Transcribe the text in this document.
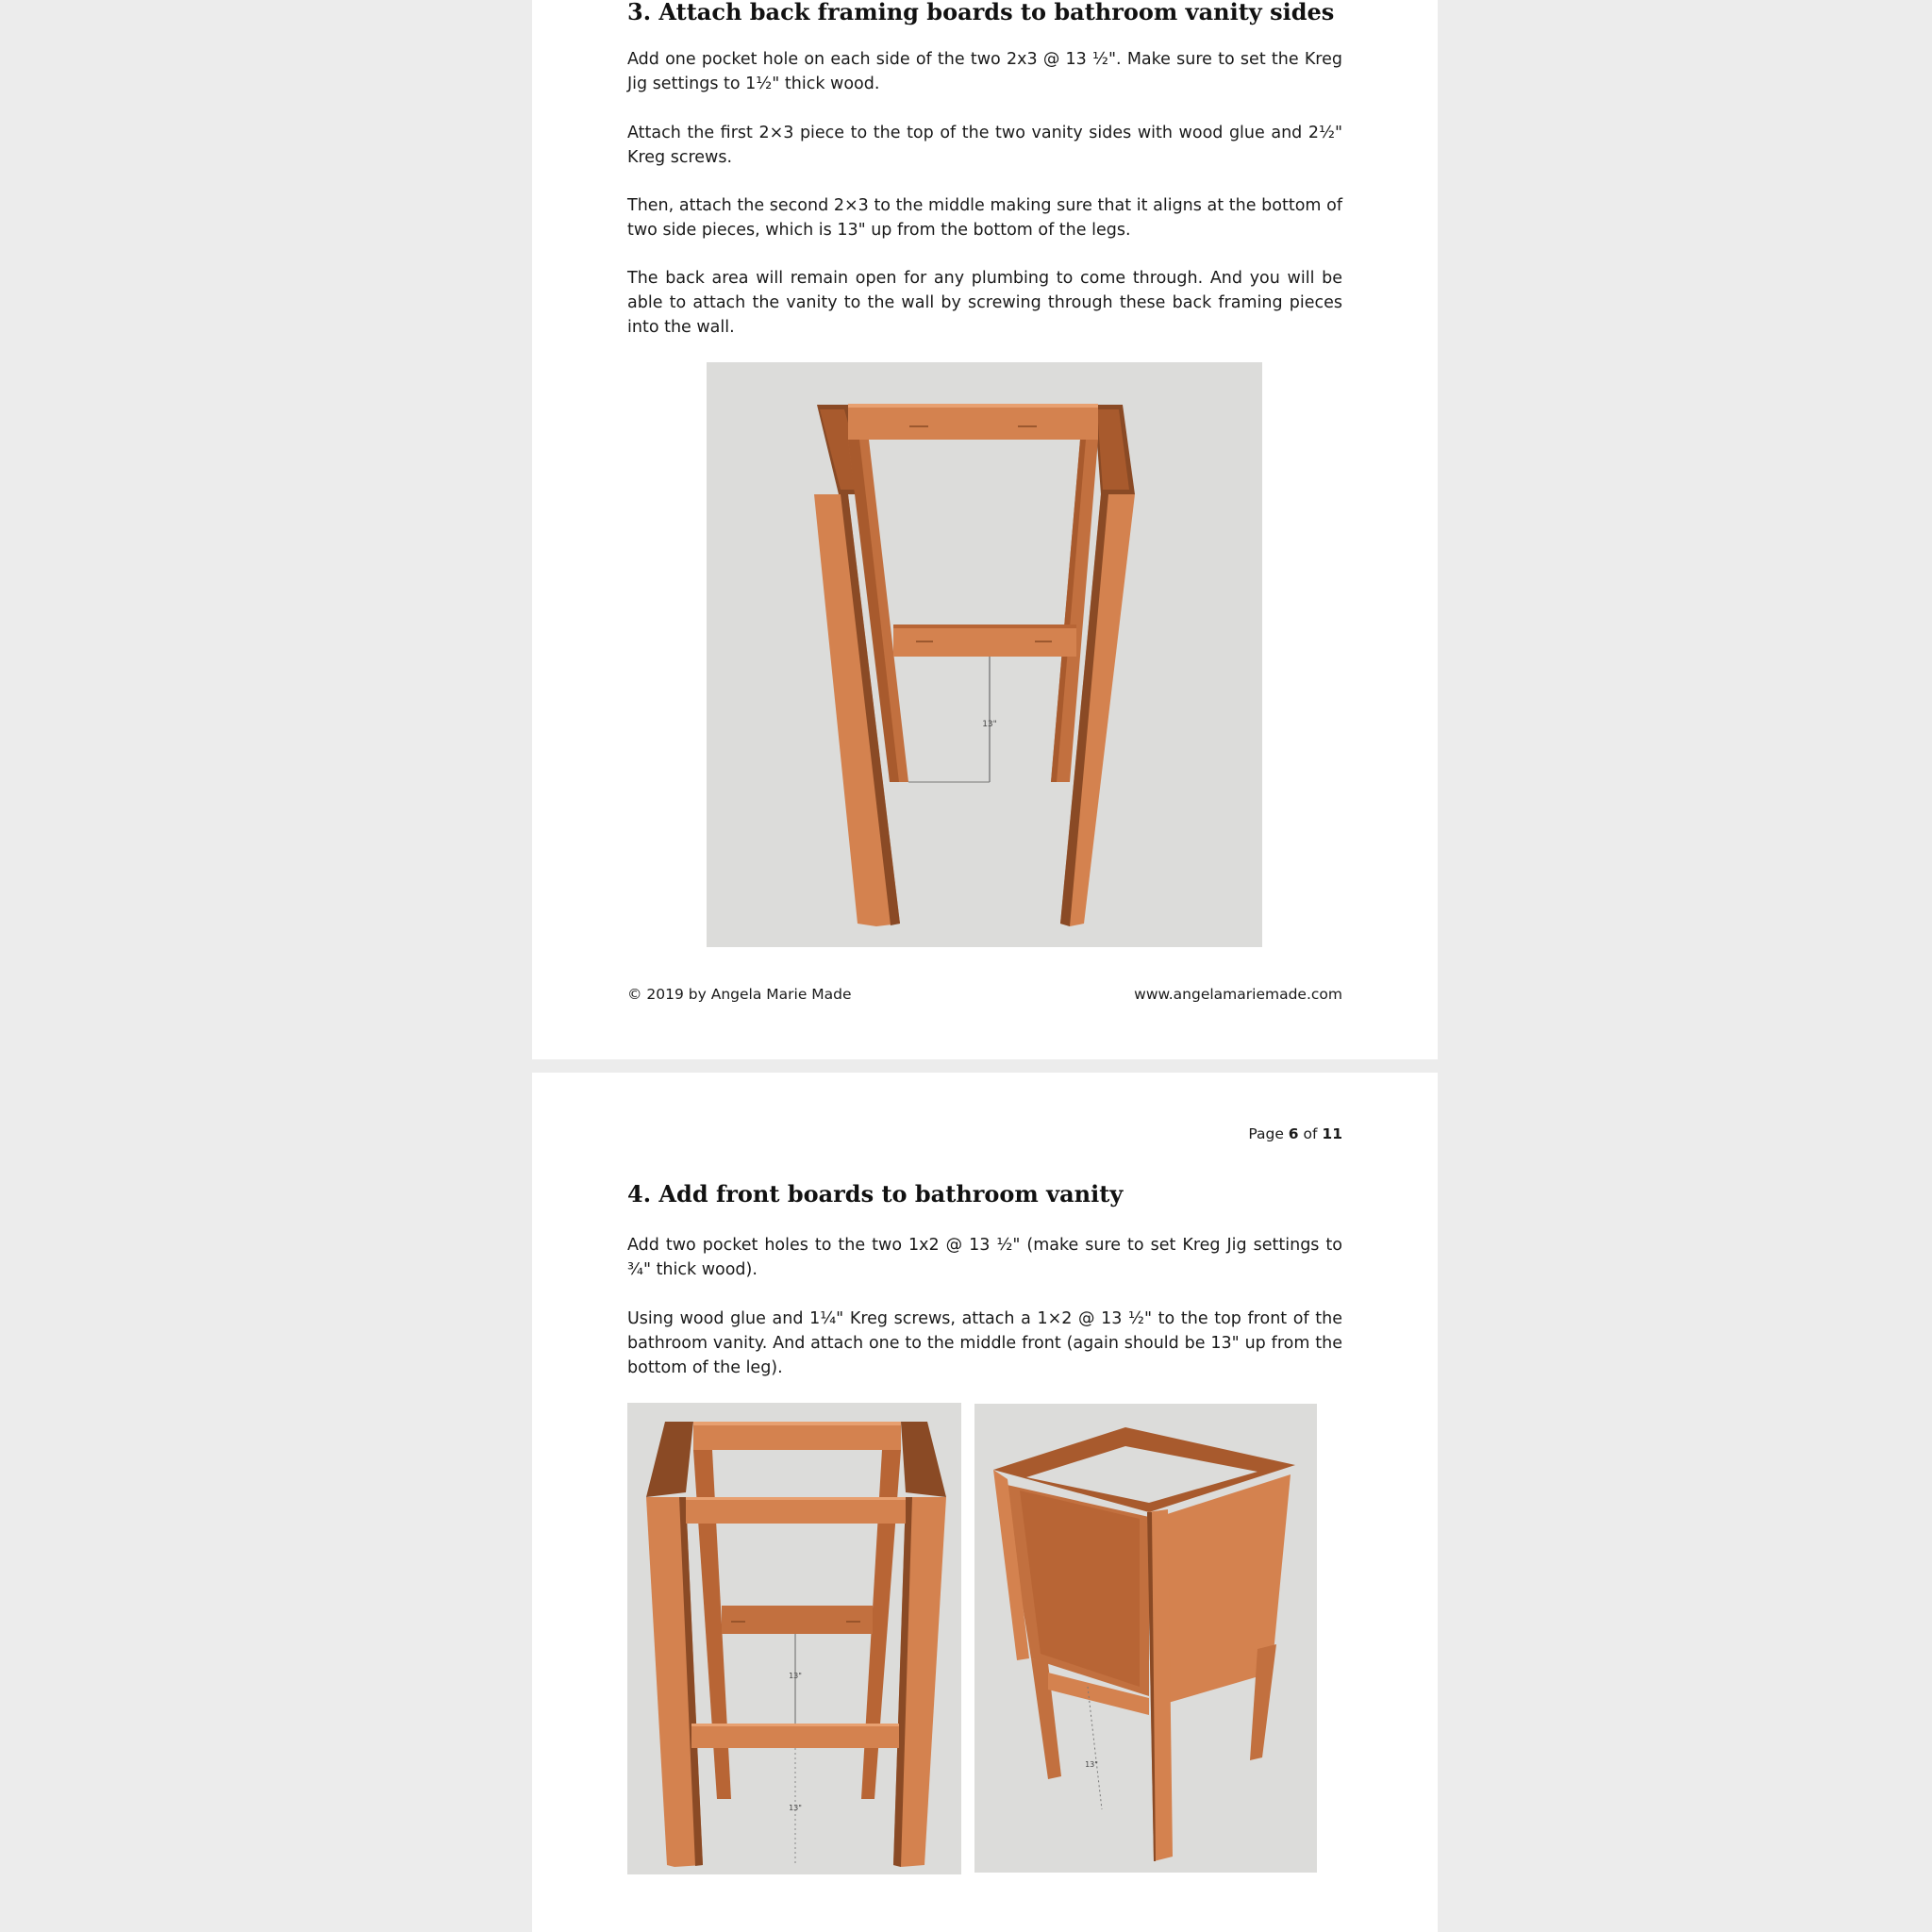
3. Attach back framing boards to bathroom vanity sides

Add one pocket hole on each side of the two 2x3 @ 13 ½". Make sure to set the Kreg Jig settings to 1½" thick wood.

Attach the first 2×3 piece to the top of the two vanity sides with wood glue and 2½" Kreg screws.

Then, attach the second 2×3 to the middle making sure that it aligns at the bottom of two side pieces, which is 13" up from the bottom of the legs.

The back area will remain open for any plumbing to come through. And you will be able to attach the vanity to the wall by screwing through these back framing pieces into the wall.

13"
© 2019 by Angela Marie Made	www.angelamariemade.com
Page 6 of 11
4. Add front boards to bathroom vanity

Add two pocket holes to the two 1x2 @ 13 ½" (make sure to set Kreg Jig settings to ¾" thick wood).

Using wood glue and 1¼" Kreg screws, attach a 1×2 @ 13 ½" to the top front of the bathroom vanity. And attach one to the middle front (again should be 13" up from the bottom of the leg).

13"
13"
13"
